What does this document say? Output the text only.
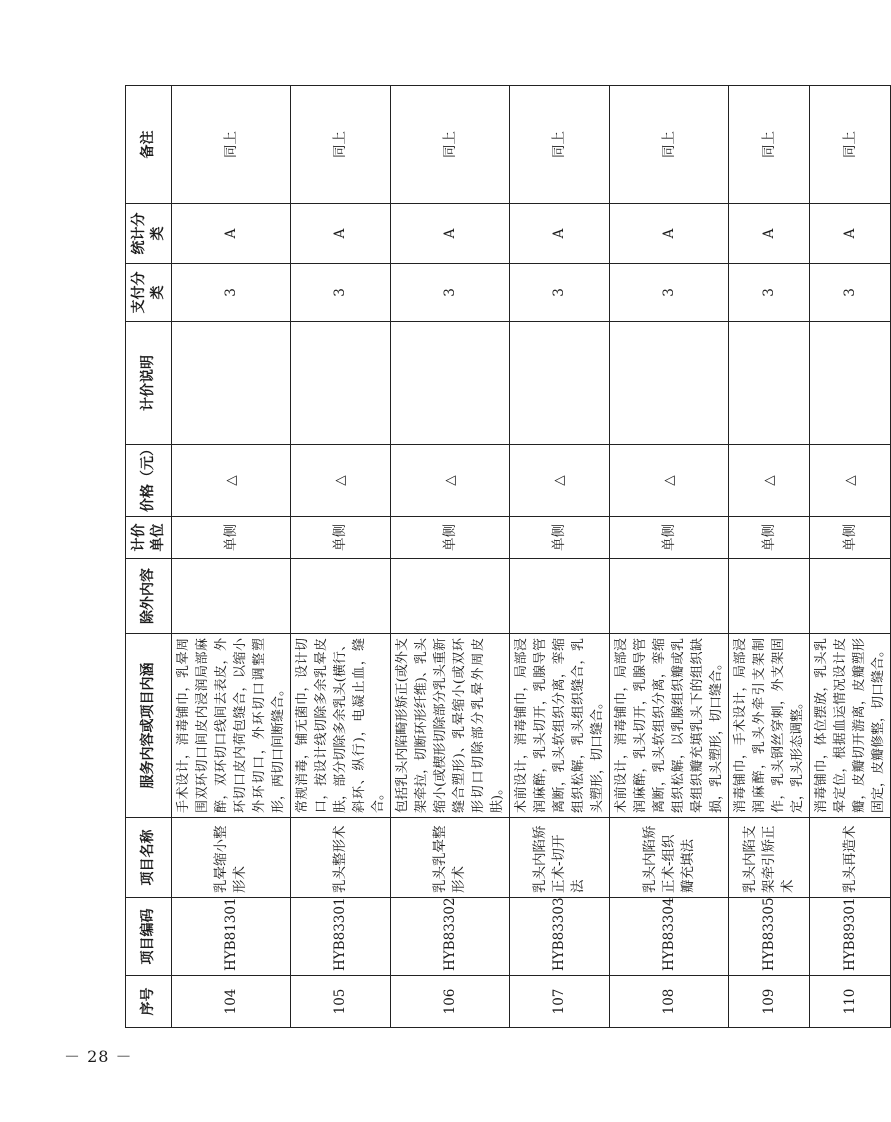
序号	项目编码	项目名称	服务内容或项目内涵	除外内容	计价单位	价格（元）	计价说明	支付分类	统计分类	备注
104	HYB81301	乳晕缩小整形术	手术设计，消毒铺巾，乳晕周围双环切口间皮内浸润局部麻醉，双环切口线间去表皮，外环切口皮内荷包缝合，以缩小外环切口，外环切口调整塑形，两切口间断缝合。		单侧	△		3	A	同上
105	HYB83301	乳头整形术	常规消毒，铺无菌巾，设计切口，按设计线切除多余乳晕皮肤，部分切除多余乳头(横行、斜环、纵行)，电凝止血，缝合。		单侧	△		3	A	同上
106	HYB83302	乳头乳晕整形术	包括乳头内陷畸形矫正(或外支架牵拉，切断环形纤维)、乳头缩小(或楔形切除部分乳头重新缝合塑形)、乳晕缩小(或双环形切口切除部分乳晕外周皮肤)。		单侧	△		3	A	同上
107	HYB83303	乳头内陷矫正术-切开法	术前设计，消毒铺巾，局部浸润麻醉，乳头切开，乳腺导管离断，乳头软组织分离，挛缩组织松解，乳头组织缝合，乳头塑形，切口缝合。		单侧	△		3	A	同上
108	HYB83304	乳头内陷矫正术-组织瓣充填法	术前设计，消毒铺巾，局部浸润麻醉，乳头切开，乳腺导管离断，乳头软组织分离，挛缩组织松解，以乳腺组织瓣或乳晕组织瓣充填乳头下的组织缺损，乳头塑形，切口缝合。		单侧	△		3	A	同上
109	HYB83305	乳头内陷支架牵引矫正术	消毒铺巾，手术设计，局部浸润麻醉，乳头外牵引支架制作，乳头钢丝穿刺，外支架固定，乳头形态调整。		单侧	△		3	A	同上
110	HYB89301	乳头再造术	消毒铺巾，体位摆放，乳头乳晕定位，根据血运情况设计皮瓣，皮瓣切开游离，皮瓣塑形固定，皮瓣修整，切口缝合。		单侧	△		3	A	同上
－ 28 －
